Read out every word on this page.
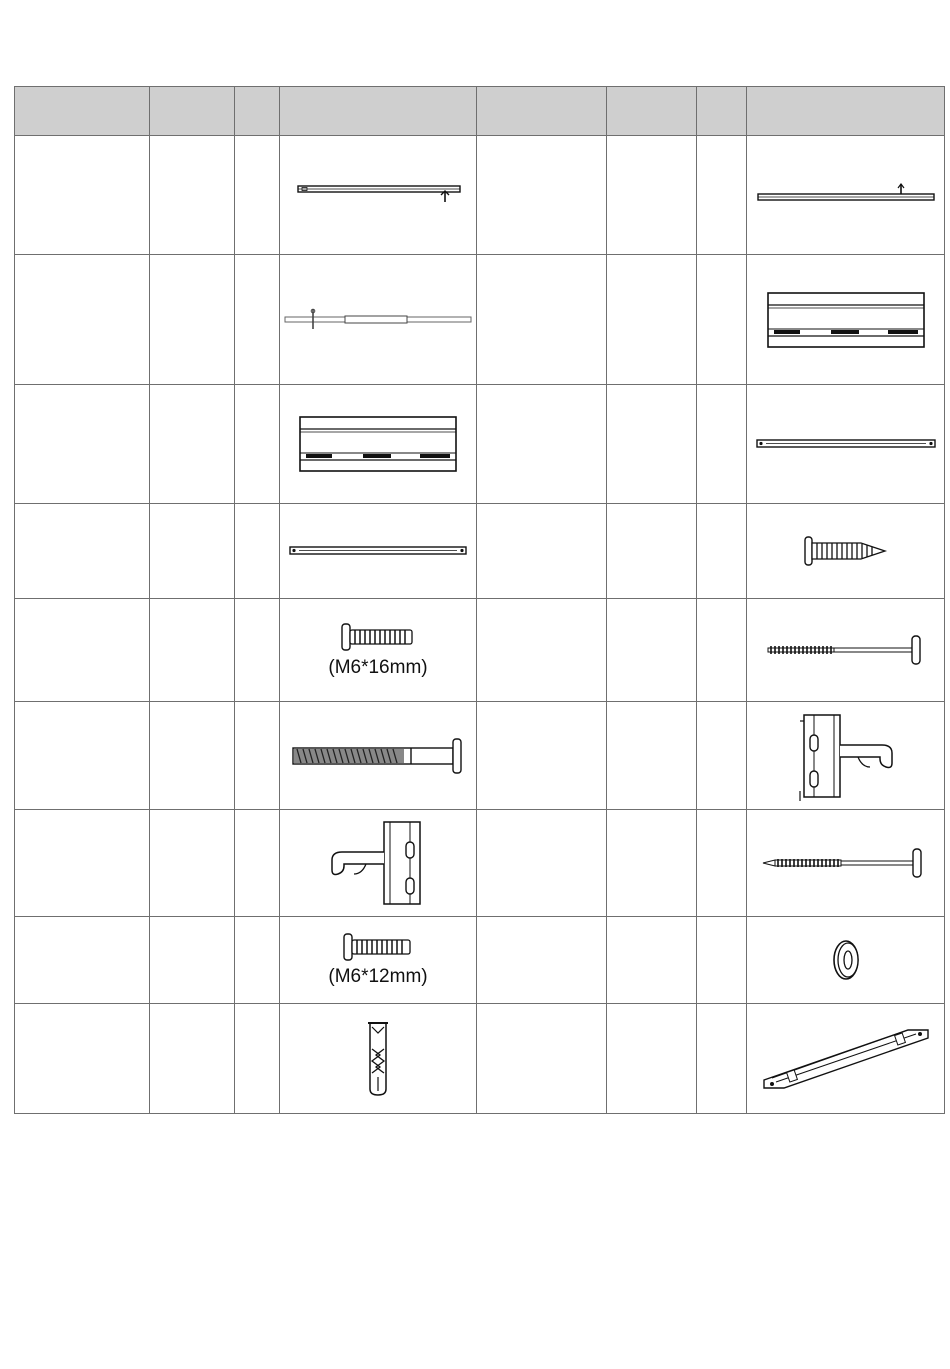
			(M6*16mm)

			(M6*12mm)
